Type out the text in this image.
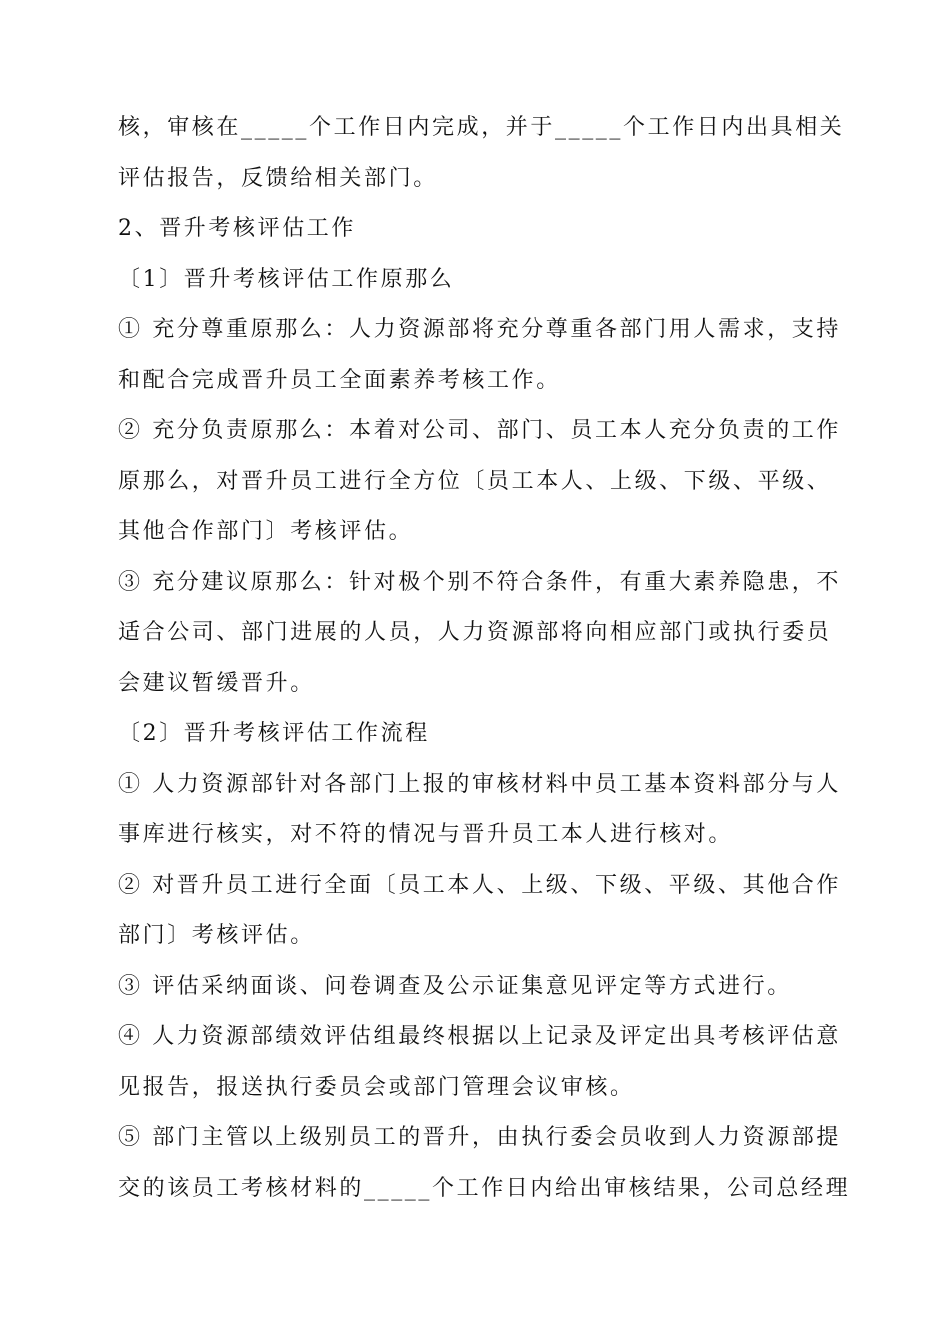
核，审核在_____个工作日内完成，并于_____个工作日内出具相关

评估报告，反馈给相关部门。

2、晋升考核评估工作

〔1〕晋升考核评估工作原那么

① 充分尊重原那么：人力资源部将充分尊重各部门用人需求，支持

和配合完成晋升员工全面素养考核工作。

② 充分负责原那么：本着对公司、部门、员工本人充分负责的工作

原那么，对晋升员工进行全方位〔员工本人、上级、下级、平级、

其他合作部门〕考核评估。

③ 充分建议原那么：针对极个别不符合条件，有重大素养隐患，不

适合公司、部门进展的人员，人力资源部将向相应部门或执行委员

会建议暂缓晋升。

〔2〕晋升考核评估工作流程

① 人力资源部针对各部门上报的审核材料中员工基本资料部分与人

事库进行核实，对不符的情况与晋升员工本人进行核对。

② 对晋升员工进行全面〔员工本人、上级、下级、平级、其他合作

部门〕考核评估。

③ 评估采纳面谈、问卷调查及公示证集意见评定等方式进行。

④ 人力资源部绩效评估组最终根据以上记录及评定出具考核评估意

见报告，报送执行委员会或部门管理会议审核。

⑤ 部门主管以上级别员工的晋升，由执行委会员收到人力资源部提

交的该员工考核材料的_____个工作日内给出审核结果，公司总经理
